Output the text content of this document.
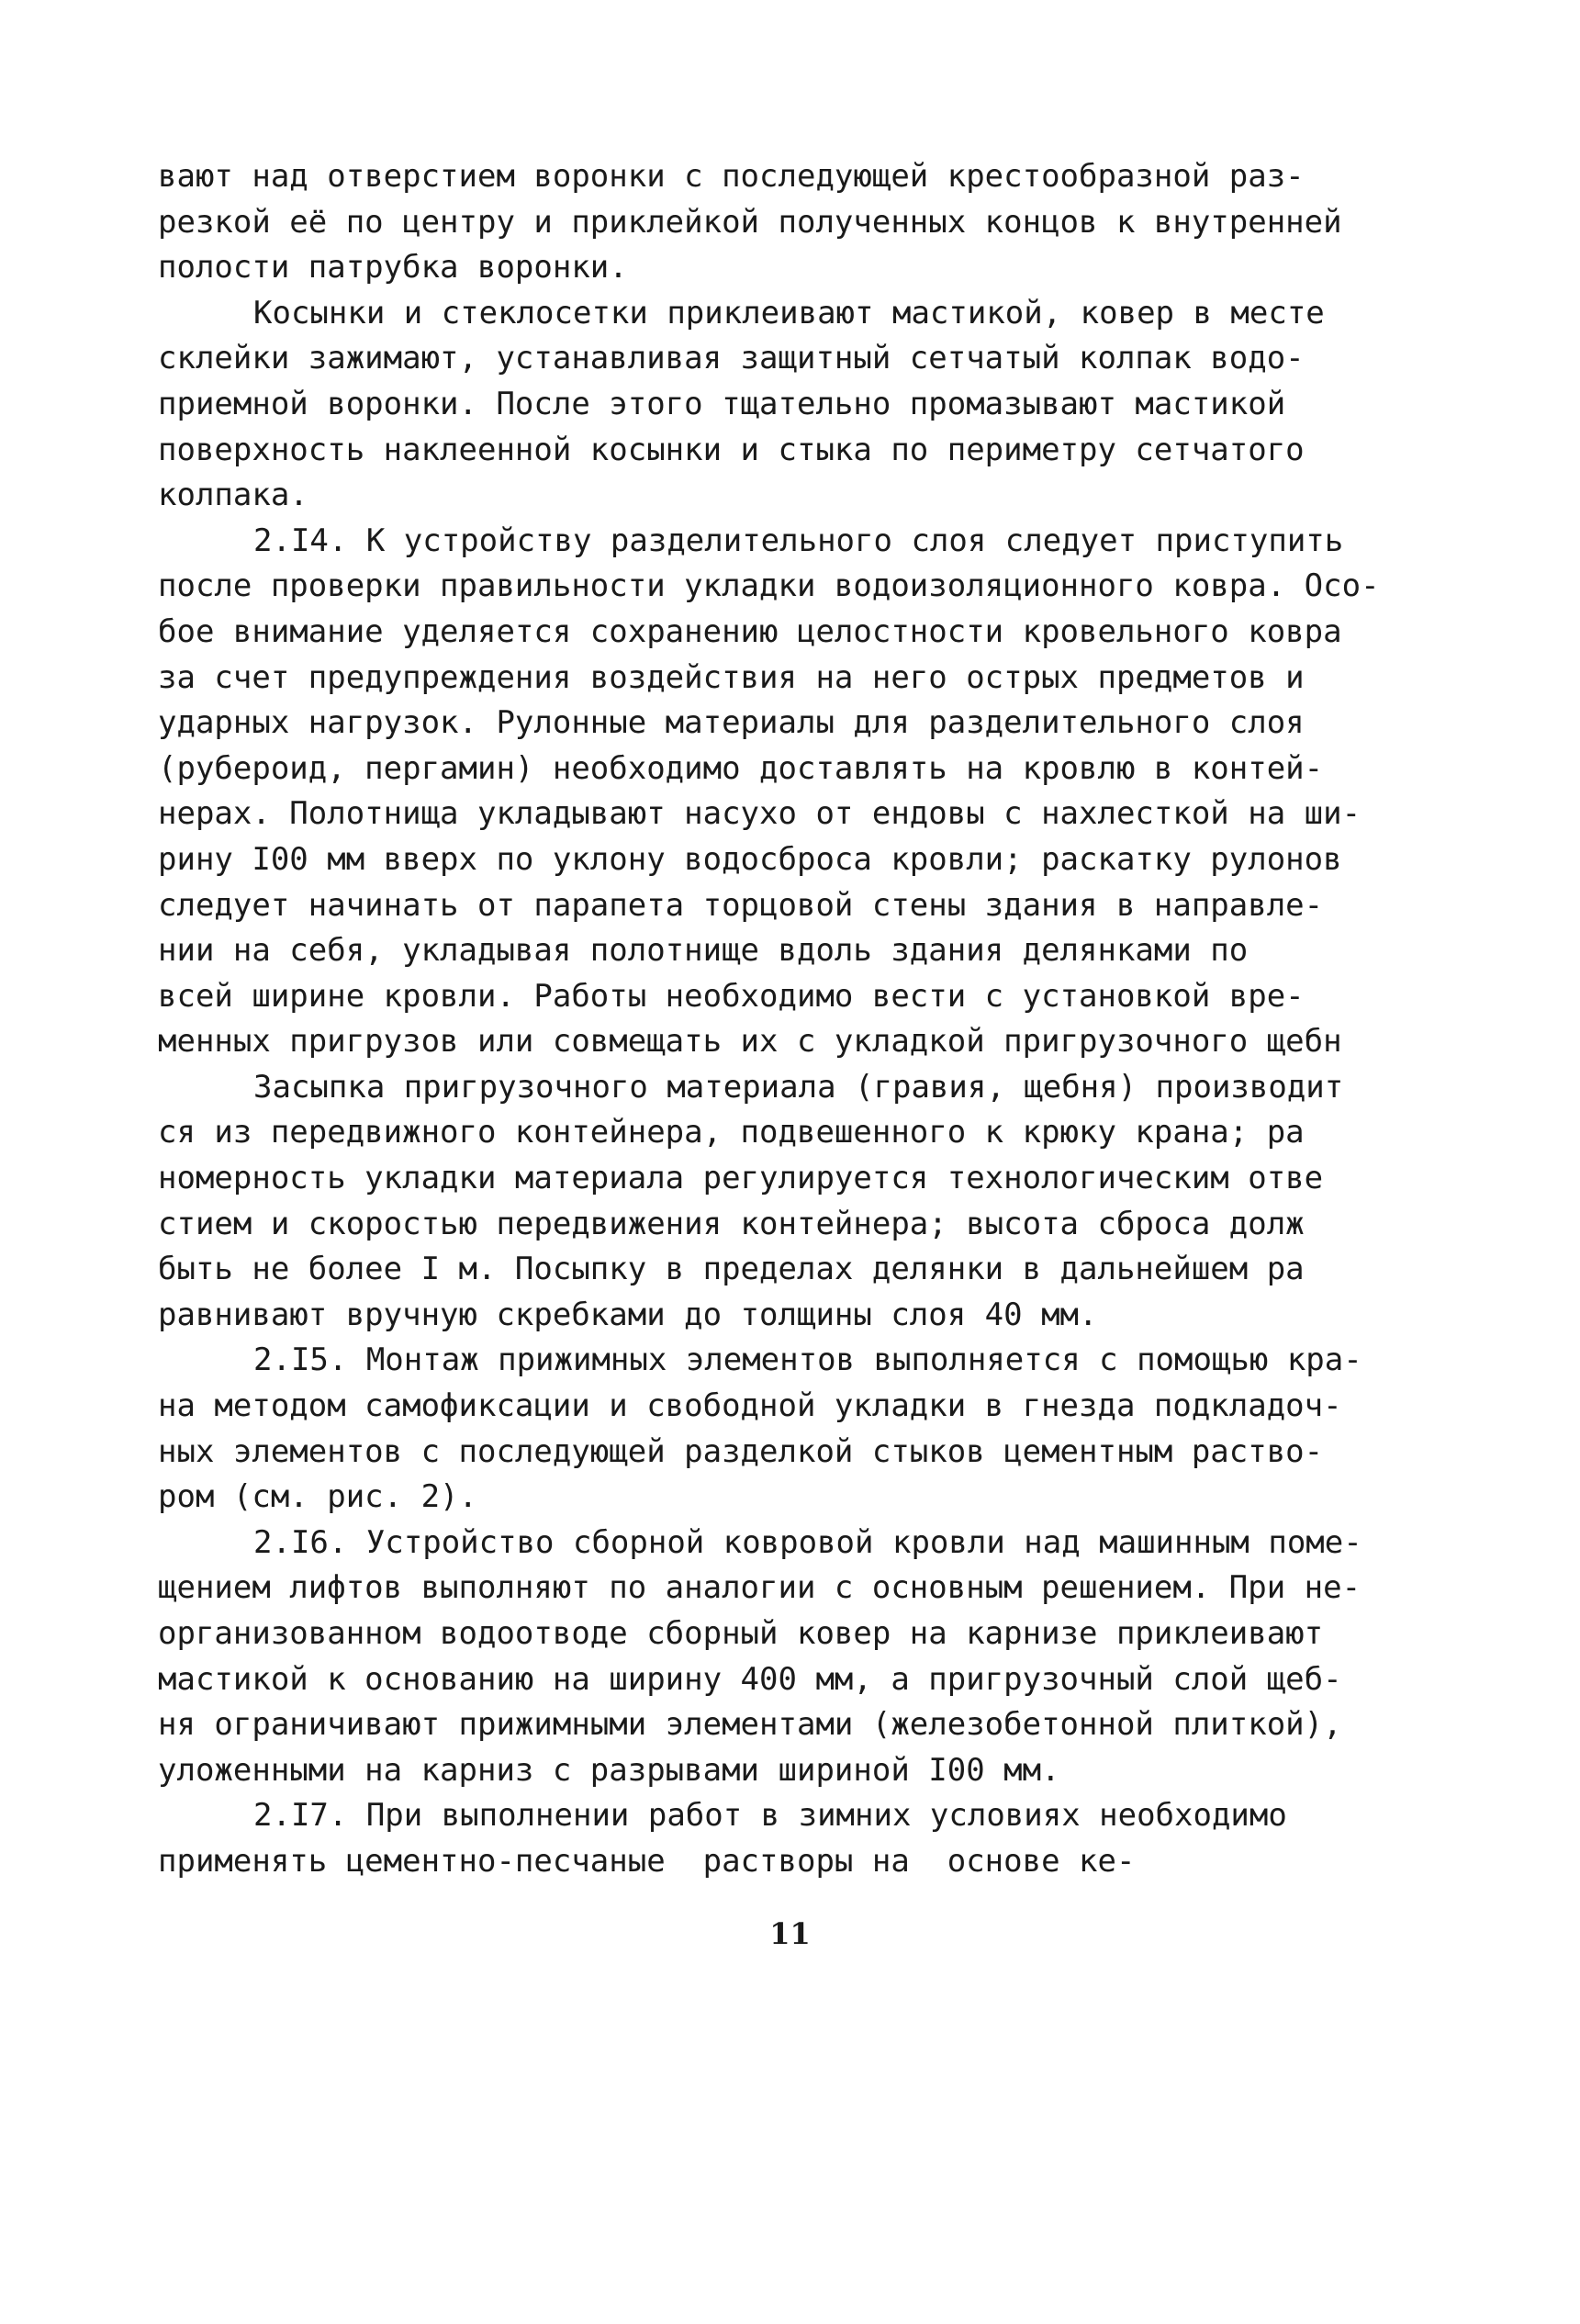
вают над отверстием воронки с последующей крестообразной раз-
резкой её по центру и приклейкой полученных концов к внутренней
полости патрубка воронки.
Косынки и стеклосетки приклеивают мастикой, ковер в месте
склейки зажимают, устанавливая защитный сетчатый колпак водо-
приемной воронки. После этого тщательно промазывают мастикой
поверхность наклеенной косынки и стыка по периметру сетчатого
колпака.
2.I4. К устройству разделительного слоя следует приступить
после проверки правильности укладки водоизоляционного ковра. Осо-
бое внимание уделяется сохранению целостности кровельного ковра
за счет предупреждения воздействия на него острых предметов и
ударных нагрузок. Рулонные материалы для разделительного слоя
(рубероид, пергамин) необходимо доставлять на кровлю в контей-
нерах. Полотнища укладывают насухо от ендовы с нахлесткой на ши-
рину I00 мм вверх по уклону водосброса кровли; раскатку рулонов
следует начинать от парапета торцовой стены здания в направле-
нии на себя, укладывая полотнище вдоль здания делянками по
всей ширине кровли. Работы необходимо вести с установкой вре-
менных пригрузов или совмещать их с укладкой пригрузочного щебн
Засыпка пригрузочного материала (гравия, щебня) производит
ся из передвижного контейнера, подвешенного к крюку крана; ра
номерность укладки материала регулируется технологическим отве
стием и скоростью передвижения контейнера; высота сброса долж
быть не более I м. Посыпку в пределах делянки в дальнейшем ра
равнивают вручную скребками до толщины слоя 40 мм.
2.I5. Монтаж прижимных элементов выполняется с помощью кра-
на методом самофиксации и свободной укладки в гнезда подкладоч-
ных элементов с последующей разделкой стыков цементным раство-
ром (см. рис. 2).
2.I6. Устройство сборной ковровой кровли над машинным поме-
щением лифтов выполняют по аналогии с основным решением. При не-
организованном водоотводе сборный ковер на карнизе приклеивают
мастикой к основанию на ширину 400 мм, а пригрузочный слой щеб-
ня ограничивают прижимными элементами (железобетонной плиткой),
уложенными на карниз с разрывами шириной I00 мм.
2.I7. При выполнении работ в зимних условиях необходимо
применять цементно-песчаные  растворы на  основе ке-
11
